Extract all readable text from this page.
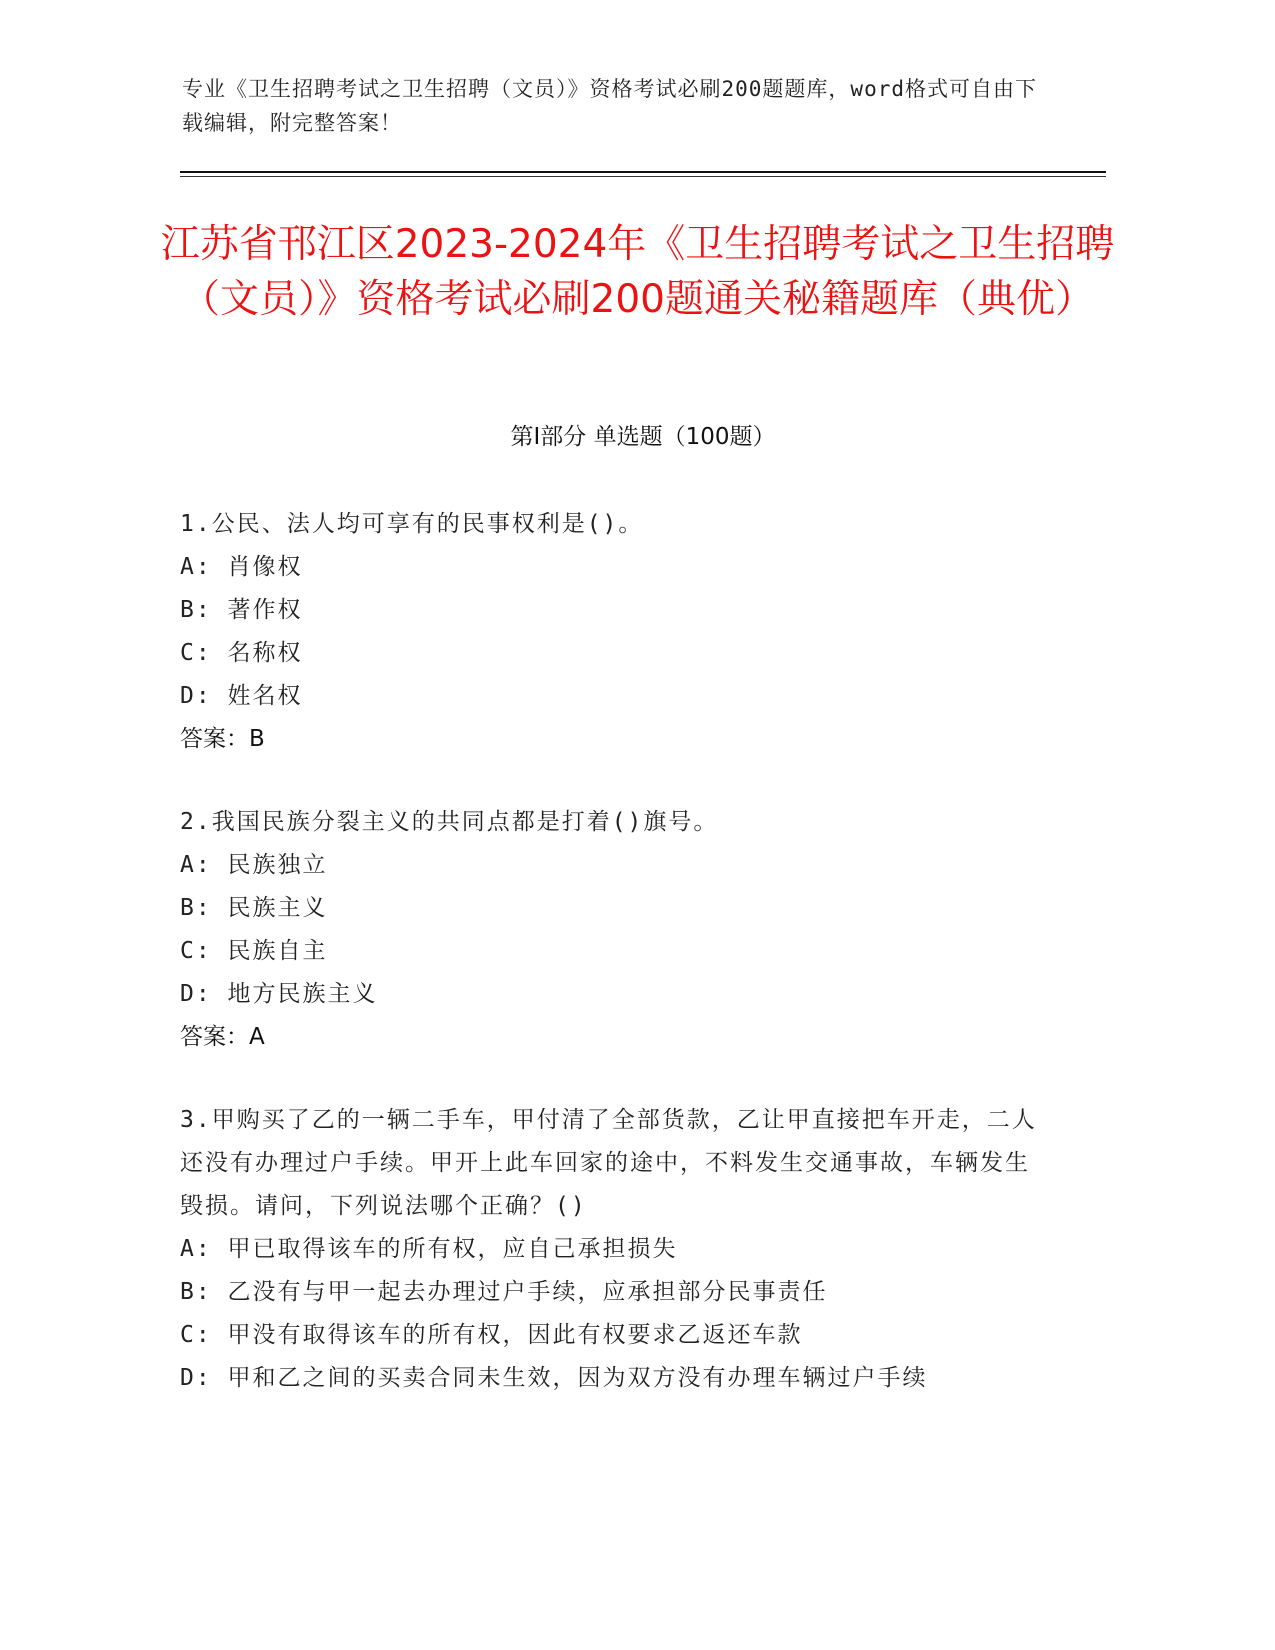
专业《卫生招聘考试之卫生招聘（文员）》资格考试必刷200题题库，word格式可自由下载编辑，附完整答案！
江苏省邗江区2023-2024年《卫生招聘考试之卫生招聘（文员）》资格考试必刷200题通关秘籍题库（典优）
第Ⅰ部分 单选题（100题）
1.公民、法人均可享有的民事权利是()。
A: 肖像权
B: 著作权
C: 名称权
D: 姓名权
答案：B
2.我国民族分裂主义的共同点都是打着()旗号。
A: 民族独立
B: 民族主义
C: 民族自主
D: 地方民族主义
答案：A
3.甲购买了乙的一辆二手车，甲付清了全部货款，乙让甲直接把车开走，二人还没有办理过户手续。甲开上此车回家的途中，不料发生交通事故，车辆发生毁损。请问，下列说法哪个正确？()
A: 甲已取得该车的所有权，应自己承担损失
B: 乙没有与甲一起去办理过户手续，应承担部分民事责任
C: 甲没有取得该车的所有权，因此有权要求乙返还车款
D: 甲和乙之间的买卖合同未生效，因为双方没有办理车辆过户手续
